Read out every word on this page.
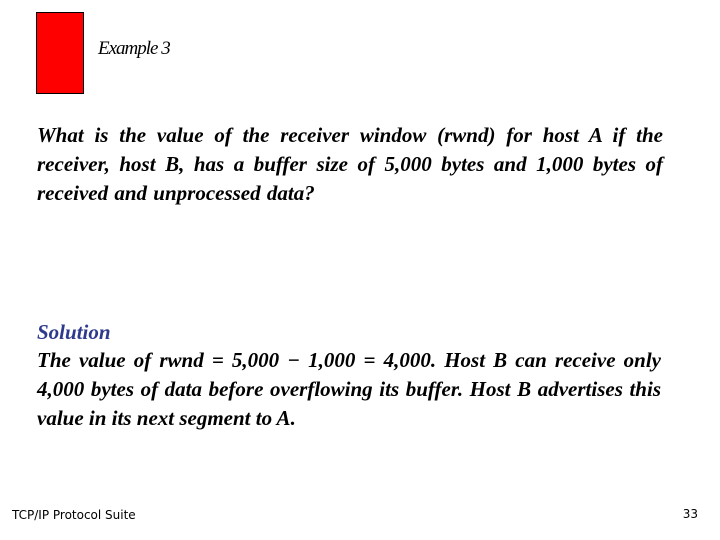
Example 3
What is the value of the receiver window (rwnd) for host A if the receiver, host B, has a buffer size of 5,000 bytes and 1,000 bytes of received and unprocessed data?
Solution
The value of rwnd = 5,000 − 1,000 = 4,000. Host B can receive only 4,000 bytes of data before overflowing its buffer. Host B advertises this value in its next segment to A.
TCP/IP Protocol Suite	33
